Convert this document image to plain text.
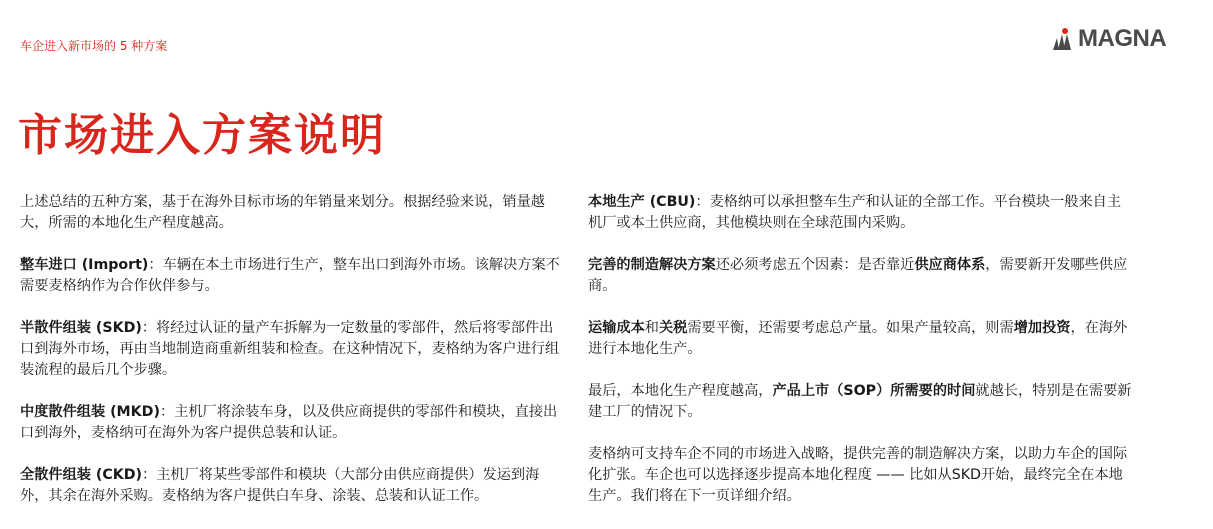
车企进入新市场的 5 种方案	MAGNA
市场进入方案说明

上述总结的五种方案，基于在海外目标市场的年销量来划分。根据经验来说，销量越大，所需的本地化生产程度越高。

整车进口 (Import)：车辆在本土市场进行生产，整车出口到海外市场。该解决方案不需要麦格纳作为合作伙伴参与。

半散件组装 (SKD)：将经过认证的量产车拆解为一定数量的零部件，然后将零部件出口到海外市场，再由当地制造商重新组装和检查。在这种情况下，麦格纳为客户进行组装流程的最后几个步骤。

中度散件组装 (MKD)：主机厂将涂装车身，以及供应商提供的零部件和模块，直接出口到海外，麦格纳可在海外为客户提供总装和认证。

全散件组装 (CKD)：主机厂将某些零部件和模块（大部分由供应商提供）发运到海外，其余在海外采购。麦格纳为客户提供白车身、涂装、总装和认证工作。

本地生产 (CBU)：麦格纳可以承担整车生产和认证的全部工作。平台模块一般来自主机厂或本土供应商，其他模块则在全球范围内采购。

完善的制造解决方案还必须考虑五个因素：是否靠近供应商体系，需要新开发哪些供应商。

运输成本和关税需要平衡，还需要考虑总产量。如果产量较高，则需增加投资，在海外进行本地化生产。

最后，本地化生产程度越高，产品上市（SOP）所需要的时间就越长，特别是在需要新建工厂的情况下。

麦格纳可支持车企不同的市场进入战略，提供完善的制造解决方案，以助力车企的国际化扩张。车企也可以选择逐步提高本地化程度 —— 比如从SKD开始，最终完全在本地生产。我们将在下一页详细介绍。
